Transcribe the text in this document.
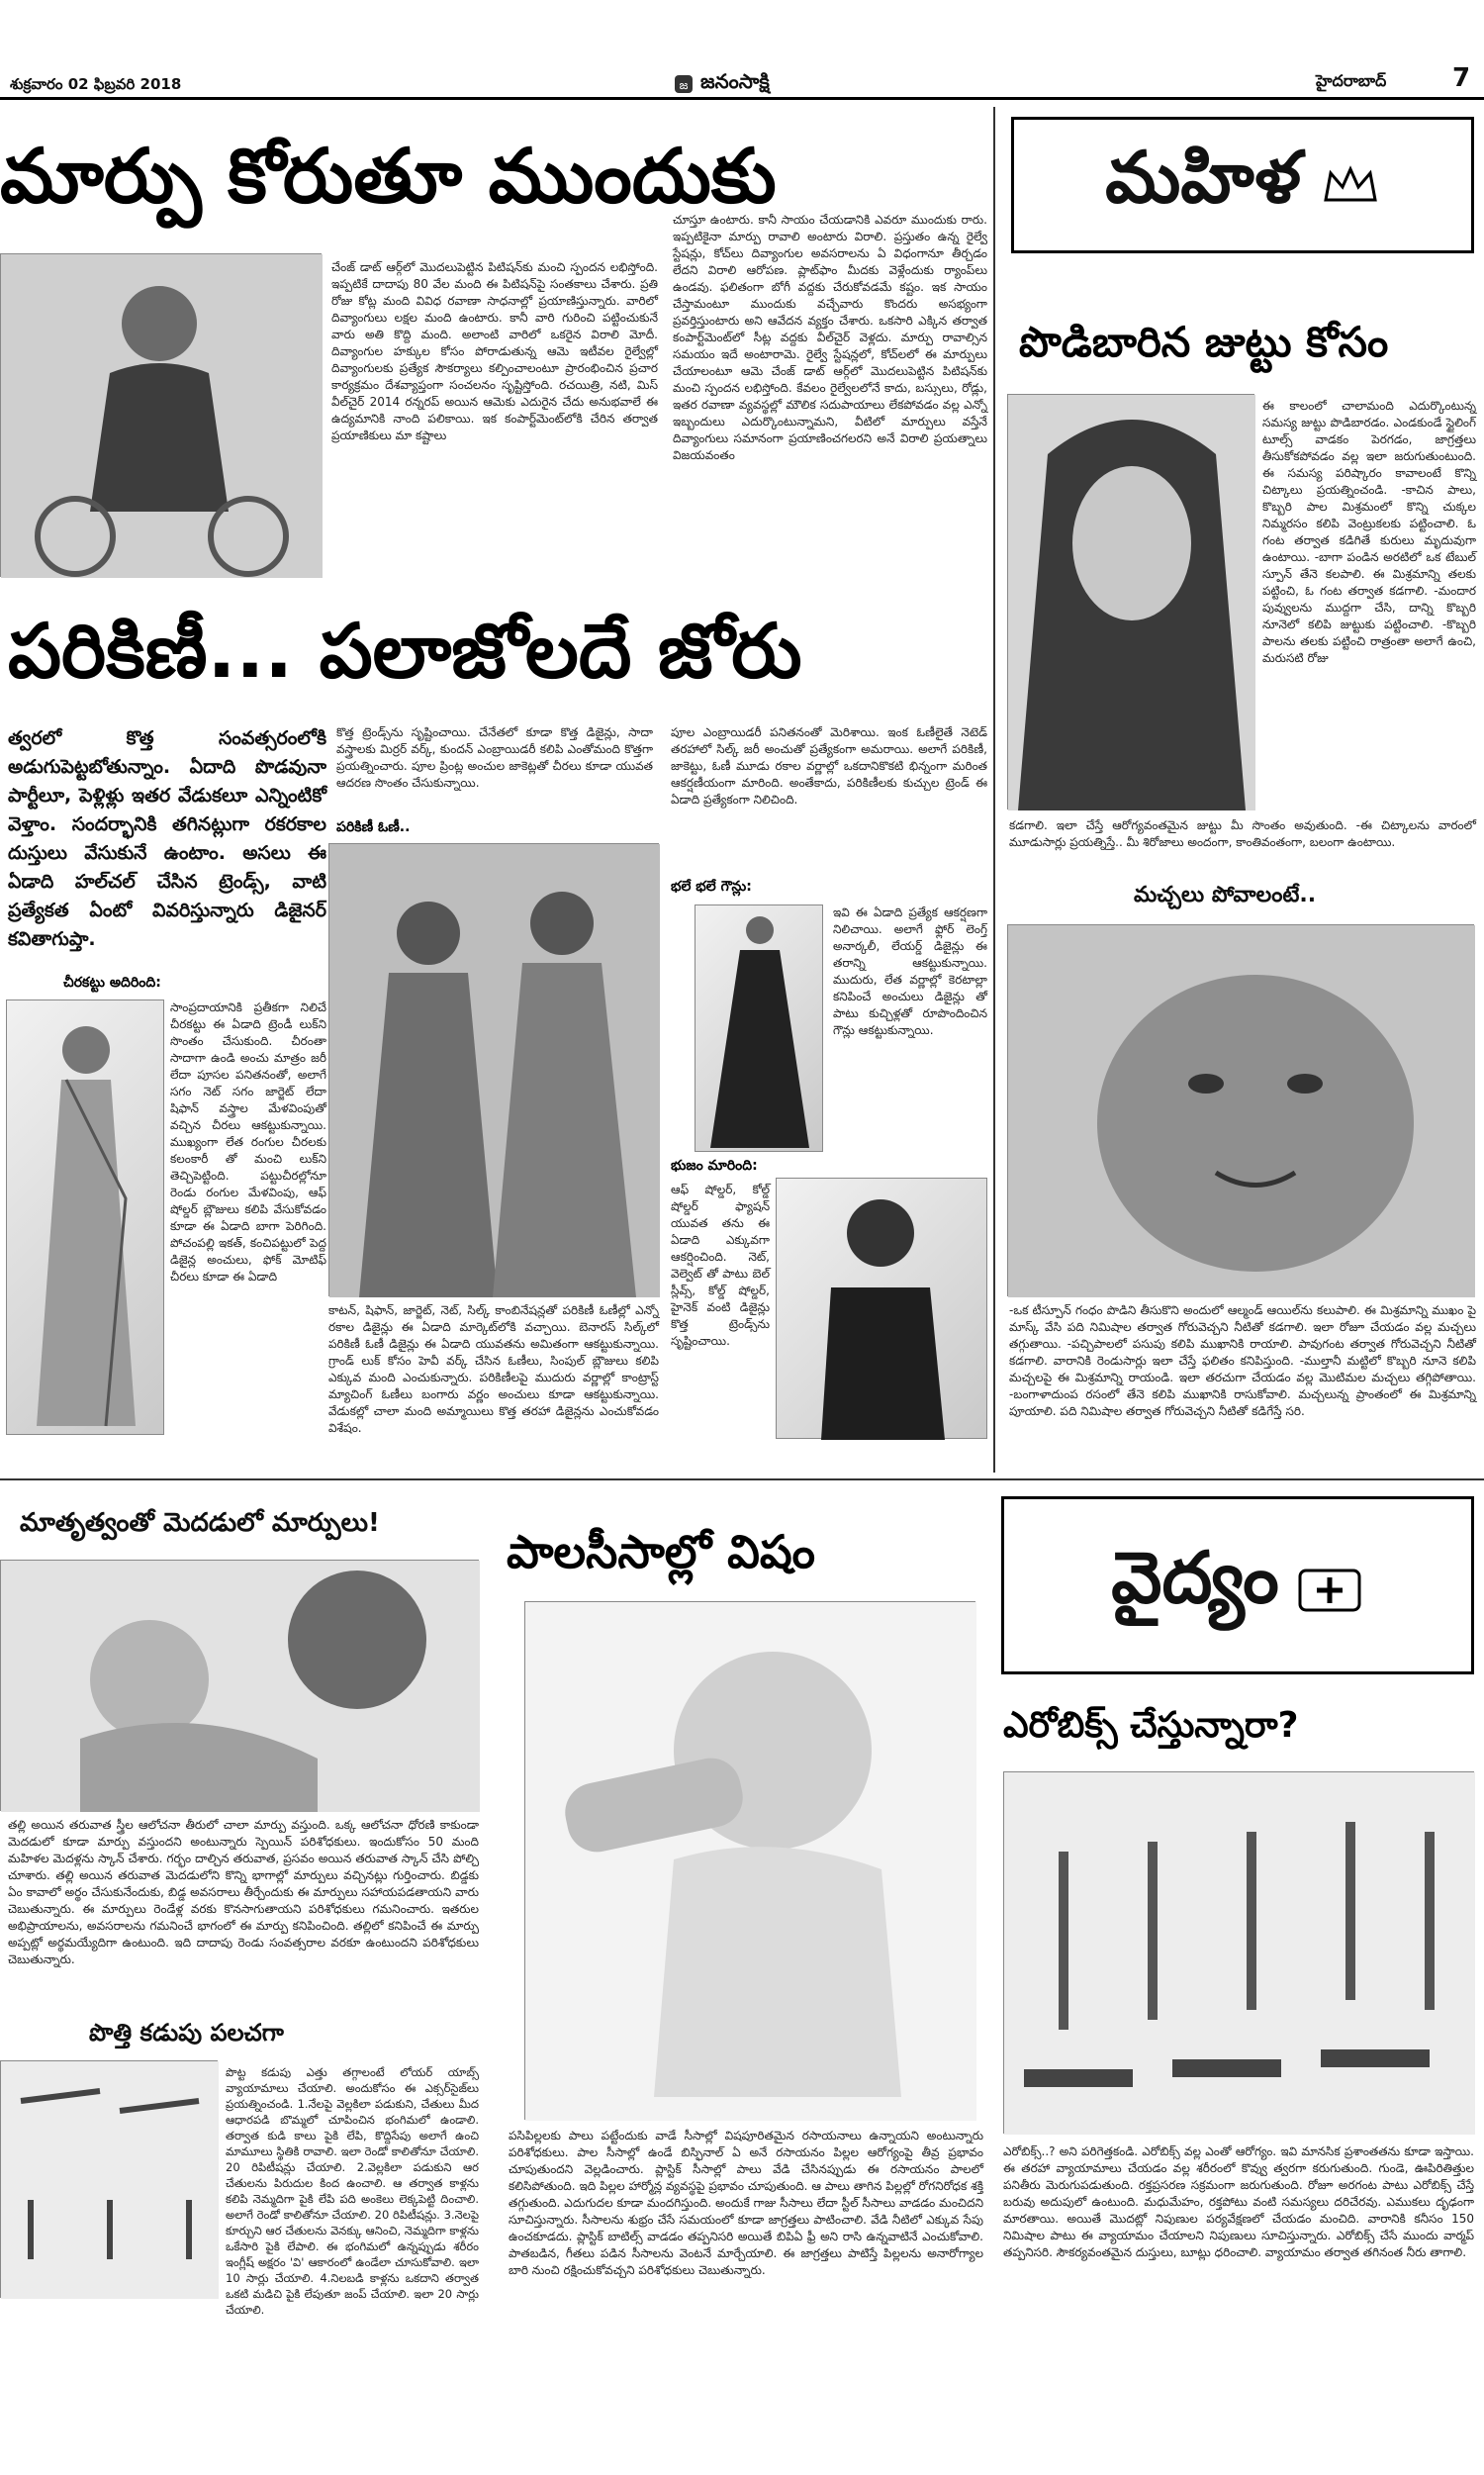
శుక్రవారం 02 ఫిబ్రవరి 2018	జ జనంసాక్షి	హైదరాబాద్	7
మార్పు కోరుతూ ముందుకు
చేంజ్ డాట్ ఆర్గ్‌లో మొదలుపెట్టిన పిటిషన్‌కు మంచి స్పందన లభిస్తోంది. ఇప్పటికే దాదాపు 80 వేల మంది ఈ పిటిషన్‌పై సంతకాలు చేశారు. ప్రతి రోజు కోట్ల మంది వివిధ రవాణా సాధనాల్లో ప్రయాణిస్తున్నారు. వారిలో దివ్యాంగులు లక్షల మంది ఉంటారు. కానీ వారి గురించి పట్టించుకునే వారు అతి కొద్ది మంది. అలాంటి వారిలో ఒకరైన విరాలి మోదీ. దివ్యాంగుల హక్కుల కోసం పోరాడుతున్న ఆమె ఇటీవల రైల్వేల్లో దివ్యాంగులకు ప్రత్యేక సౌకర్యాలు కల్పించాలంటూ ప్రారంభించిన ప్రచార కార్యక్రమం దేశవ్యాప్తంగా సంచలనం సృష్టిస్తోంది. రచయిత్రి, నటి, మిస్ వీల్‌చైర్ 2014 రన్నరప్ అయిన ఆమెకు ఎదురైన చేదు అనుభవాలే ఈ ఉద్యమానికి నాంది పలికాయి. ఇక కంపార్ట్‌మెంట్‌లోకి చేరిన తర్వాత ప్రయాణికులు మా కష్టాలు
చూస్తూ ఉంటారు. కానీ సాయం చేయడానికి ఎవరూ ముందుకు రారు. ఇప్పటికైనా మార్పు రావాలి అంటారు విరాలి. ప్రస్తుతం ఉన్న రైల్వే స్టేషన్లు, కోచ్‌లు దివ్యాంగుల అవసరాలను ఏ విధంగానూ తీర్చడం లేదని విరాలి ఆరోపణ. ప్లాట్‌ఫాం మీదకు వెళ్లేందుకు ర్యాంప్‌లు ఉండవు. ఫలితంగా బోగీ వద్దకు చేరుకోవడమే కష్టం. ఇక సాయం చేస్తామంటూ ముందుకు వచ్చేవారు కొందరు అసభ్యంగా ప్రవర్తిస్తుంటారు అని ఆవేదన వ్యక్తం చేశారు. ఒకసారి ఎక్కిన తర్వాత కంపార్ట్‌మెంట్‌లో సీట్ల వద్దకు వీల్‌చైర్ వెళ్లదు. మార్పు రావాల్సిన సమయం ఇదే అంటారామె. రైల్వే స్టేషన్లలో, కోచ్‌లలో ఈ మార్పులు చేయాలంటూ ఆమె చేంజ్ డాట్ ఆర్గ్‌లో మొదలుపెట్టిన పిటిషన్‌కు మంచి స్పందన లభిస్తోంది. కేవలం రైల్వేలలోనే కాదు, బస్సులు, రోడ్లు, ఇతర రవాణా వ్యవస్థల్లో మౌలిక సదుపాయాలు లేకపోవడం వల్ల ఎన్నో ఇబ్బందులు ఎదుర్కొంటున్నామని, వీటిలో మార్పులు వస్తేనే దివ్యాంగులు సమానంగా ప్రయాణించగలరని అనే విరాలి ప్రయత్నాలు విజయవంతం
పరికిణీ... పలాజోలదే జోరు
త్వరలో కొత్త సంవత్సరంలోకి అడుగుపెట్టబోతున్నాం. ఏదాది పొడవునా పార్టీలూ, పెళ్లిళ్లు ఇతర వేడుకలూ ఎన్నింటికో వెళ్తాం. సందర్భానికి తగినట్లుగా రకరకాల దుస్తులు వేసుకునే ఉంటాం. అసలు ఈ ఏడాది హల్‌చల్ చేసిన ట్రెండ్స్‌, వాటి ప్రత్యేకత ఏంటో వివరిస్తున్నారు డిజైనర్ కవితాగుప్తా.
చీరకట్టు అదిరింది:
సాంప్రదాయానికి ప్రతీకగా నిలిచే చీరకట్టు ఈ ఏడాది ట్రెండీ లుక్‌ని సొంతం చేసుకుంది. చీరంతా సాదాగా ఉండి అంచు మాత్రం జరీ లేదా పూసల పనితనంతో, అలాగే సగం నెట్ సగం జార్జెట్ లేదా షిఫాన్ వస్త్రాల మేళవింపుతో వచ్చిన చీరలు ఆకట్టుకున్నాయి. ముఖ్యంగా లేత రంగుల చీరలకు కలంకారీ తో మంచి లుక్‌ని తెచ్చిపెట్టింది. పట్టుచీరల్లోనూ రెండు రంగుల మేళవింపు, ఆఫ్ షోల్డర్ బ్లౌజులు కలిపి వేసుకోవడం కూడా ఈ ఏడాది బాగా పెరిగింది. పోచంపల్లి ఇకత్, కంచిపట్టులో పెద్ద డిజైన్ల అంచులు, ఫోక్ మోటిఫ్ చీరలు కూడా ఈ ఏడాది
కొత్త ట్రెండ్స్‌ను సృష్టించాయి. చేనేతలో కూడా కొత్త డిజైన్లు, సాదా వస్త్రాలకు మిర్రర్ వర్క్, కుందన్ ఎంబ్రాయిడరీ కలిపి ఎంతోమంది కొత్తగా ప్రయత్నించారు. పూల ప్రింట్ల అంచుల జాకెట్లతో చీరలు కూడా యువత ఆదరణ సొంతం చేసుకున్నాయి.
పరికిణీ ఓణీ..
కాటన్, షిఫాన్, జార్జెట్, నెట్, సిల్క్ కాంబినేషన్లతో పరికిణీ ఓణీల్లో ఎన్నో రకాల డిజైన్లు ఈ ఏడాది మార్కెట్‌లోకి వచ్చాయి. బెనారస్ సిల్క్‌లో పరికిణీ ఓణీ డిజైన్లు ఈ ఏడాది యువతను అమితంగా ఆకట్టుకున్నాయి. గ్రాండ్ లుక్ కోసం హెవీ వర్క్ చేసిన ఓణీలు, సింపుల్ బ్లౌజులు కలిపి ఎక్కువ మంది ఎంచుకున్నారు. పరికిణీలపై ముదురు వర్ణాల్లో కాంట్రాస్ట్ మ్యాచింగ్ ఓణీలు బంగారు వర్ణం అంచులు కూడా ఆకట్టుకున్నాయి. వేడుకల్లో చాలా మంది అమ్మాయిలు కొత్త తరహా డిజైన్లను ఎంచుకోవడం విశేషం.
పూల ఎంబ్రాయిడరీ పనితనంతో మెరిశాయి. ఇంక ఓణీలైతే నెటెడ్ తరహాలో సిల్క్ జరీ అంచుతో ప్రత్యేకంగా అమరాయి. అలాగే పరికిణీ, జాకెట్టు, ఓణీ మూడు రకాల వర్ణాల్లో ఒకదానికొకటి భిన్నంగా మరింత ఆకర్షణీయంగా మారింది. అంతేకాదు, పరికిణీలకు కుచ్చుల ట్రెండ్ ఈ ఏడాది ప్రత్యేకంగా నిలిచింది.
భలే భలే గౌన్లు:
ఇవి ఈ ఏడాది ప్రత్యేక ఆకర్షణగా నిలిచాయి. అలాగే ఫ్లోర్ లెంగ్త్ అనార్కలీ, లేయర్డ్ డిజైన్లు ఈ తరాన్ని ఆకట్టుకున్నాయి. ముదురు, లేత వర్ణాల్లో కెరటాల్లా కనిపించే అంచులు డిజైన్లు తో పాటు కుచ్చిళ్లతో రూపొందించిన గౌన్లు ఆకట్టుకున్నాయి.
భుజం మారింది:
ఆఫ్ షోల్డర్, కోల్డ్ షోల్డర్ ఫ్యాషన్ యువత తను ఈ ఏడాది ఎక్కువగా ఆకర్షించింది. నెట్, వెల్వెట్ తో పాటు బెల్ స్లీవ్స్, కోల్డ్ షోల్డర్, హైనెక్ వంటి డిజైన్లు కొత్త ట్రెండ్స్‌ను సృష్టించాయి.
మహిళ
పొడిబారిన జుట్టు కోసం
ఈ కాలంలో చాలామంది ఎదుర్కొంటున్న సమస్య జుట్టు పొడిబారడం. ఎండకుండే స్టైలింగ్ టూల్స్ వాడకం పెరగడం, జాగ్రత్తలు తీసుకోకపోవడం వల్ల ఇలా జరుగుతుంటుంది. ఈ సమస్య పరిష్కారం కావాలంటే కొన్ని చిట్కాలు ప్రయత్నించండి. -కాచిన పాలు, కొబ్బరి పాల మిశ్రమంలో కొన్ని చుక్కల నిమ్మరసం కలిపి వెంట్రుకలకు పట్టించాలి. ఓ గంట తర్వాత కడిగితే కురులు మృదువుగా ఉంటాయి. -బాగా పండిన అరటిలో ఒక టేబుల్ స్పూన్ తేనె కలపాలి. ఈ మిశ్రమాన్ని తలకు పట్టించి, ఓ గంట తర్వాత కడగాలి. -మందార పువ్వులను ముద్దగా చేసి, దాన్ని కొబ్బరి నూనెలో కలిపి జుట్టుకు పట్టించాలి. -కొబ్బరి పాలను తలకు పట్టించి రాత్రంతా అలాగే ఉంచి, మరుసటి రోజు
కడగాలి. ఇలా చేస్తే ఆరోగ్యవంతమైన జుట్టు మీ సొంతం అవుతుంది. -ఈ చిట్కాలను వారంలో మూడుసార్లు ప్రయత్నిస్తే.. మీ శిరోజాలు అందంగా, కాంతివంతంగా, బలంగా ఉంటాయి.
మచ్చలు పోవాలంటే..
-ఒక టీస్పూన్ గంధం పొడిని తీసుకొని అందులో ఆల్మండ్ ఆయిల్‌ను కలుపాలి. ఈ మిశ్రమాన్ని ముఖం పై మాస్క్ వేసి పది నిమిషాల తర్వాత గోరువెచ్చని నీటితో కడగాలి. ఇలా రోజూ చేయడం వల్ల మచ్చలు తగ్గుతాయి. -పచ్చిపాలలో పసుపు కలిపి ముఖానికి రాయాలి. పావుగంట తర్వాత గోరువెచ్చని నీటితో కడగాలి. వారానికి రెండుసార్లు ఇలా చేస్తే ఫలితం కనిపిస్తుంది. -ముల్తానీ మట్టిలో కొబ్బరి నూనె కలిపి మచ్చలపై ఈ మిశ్రమాన్ని రాయండి. ఇలా తరచుగా చేయడం వల్ల మొటిమల మచ్చలు తగ్గిపోతాయి. -బంగాళాదుంప రసంలో తేనె కలిపి ముఖానికి రాసుకోవాలి. మచ్చలున్న ప్రాంతంలో ఈ మిశ్రమాన్ని పూయాలి. పది నిమిషాల తర్వాత గోరువెచ్చని నీటితో కడిగేస్తే సరి.
మాతృత్వంతో మెదడులో మార్పులు!
తల్లి అయిన తరువాత స్త్రీల ఆలోచనా తీరులో చాలా మార్పు వస్తుంది. ఒక్క ఆలోచనా ధోరణి కాకుండా మెదడులో కూడా మార్పు వస్తుందని అంటున్నారు స్పెయిన్ పరిశోధకులు. ఇందుకోసం 50 మంది మహిళల మెదళ్లను స్కాన్ చేశారు. గర్భం దాల్చిన తరువాత, ప్రసవం అయిన తరువాత స్కాన్ చేసి పోల్చి చూశారు. తల్లి అయిన తరువాత మెదడులోని కొన్ని భాగాల్లో మార్పులు వచ్చినట్లు గుర్తించారు. బిడ్డకు ఏం కావాలో అర్థం చేసుకునేందుకు, బిడ్డ అవసరాలు తీర్చేందుకు ఈ మార్పులు సహాయపడతాయని వారు చెబుతున్నారు. ఈ మార్పులు రెండేళ్ల వరకు కొనసాగుతాయని పరిశోధకులు గమనించారు. ఇతరుల అభిప్రాయాలను, అవసరాలను గమనించే భాగంలో ఈ మార్పు కనిపించింది. తల్లిలో కనిపించే ఈ మార్పు అప్పట్లో అర్థమయ్యేదిగా ఉంటుంది. ఇది దాదాపు రెండు సంవత్సరాల వరకూ ఉంటుందని పరిశోధకులు చెబుతున్నారు.
పొత్తి కడుపు పలచగా
పొట్ట కడుపు ఎత్తు తగ్గాలంటే లోయర్ యాబ్స్ వ్యాయామాలు చేయాలి. అందుకోసం ఈ ఎక్సర్‌సైజ్‌లు ప్రయత్నించండి. 1.నేలపై వెల్లకిలా పడుకుని, చేతులు మీద ఆధారపడి బొమ్మలో చూపించిన భంగిమలో ఉండాలి. తర్వాత కుడి కాలు పైకి లేపి, కొద్దిసేపు అలాగే ఉంచి మామూలు స్థితికి రావాలి. ఇలా రెండో కాలితోనూ చేయాలి. 20 రిపిటీషన్లు చేయాలి. 2.వెల్లకిలా పడుకుని ఆర చేతులను పిరుదుల కింద ఉంచాలి. ఆ తర్వాత కాళ్లను కలిపి నెమ్మదిగా పైకి లేపి పది అంకెలు లెక్కపెట్టి దించాలి. అలాగే రెండో కాలితోనూ చేయాలి. 20 రిపిటీషన్లు. 3.నెలపై కూర్చుని ఆర చేతులను వెనక్కు ఆనించి, నెమ్మదిగా కాళ్లను ఒకేసారి పైకి లేపాలి. ఈ భంగిమలో ఉన్నప్పుడు శరీరం ఇంగ్లీష్ అక్షరం 'వి' ఆకారంలో ఉండేలా చూసుకోవాలి. ఇలా 10 సార్లు చేయాలి. 4.నిలబడి కాళ్లను ఒకదాని తర్వాత ఒకటి మడిచి పైకి లేపుతూ జంప్ చేయాలి. ఇలా 20 సార్లు చేయాలి.
పాలసీసాల్లో విషం
పసిపిల్లలకు పాలు పట్టేందుకు వాడే సీసాల్లో విషపూరితమైన రసాయనాలు ఉన్నాయని అంటున్నారు పరిశోధకులు. పాల సీసాల్లో ఉండే బిస్ఫినాల్ ఏ అనే రసాయనం పిల్లల ఆరోగ్యంపై తీవ్ర ప్రభావం చూపుతుందని వెల్లడించారు. ప్లాస్టిక్ సీసాల్లో పాలు వేడి చేసినప్పుడు ఈ రసాయనం పాలలో కలిసిపోతుంది. ఇది పిల్లల హార్మోన్ల వ్యవస్థపై ప్రభావం చూపుతుంది. ఆ పాలు తాగిన పిల్లల్లో రోగనిరోధక శక్తి తగ్గుతుంది. ఎదుగుదల కూడా మందగిస్తుంది. అందుకే గాజు సీసాలు లేదా స్టీల్ సీసాలు వాడడం మంచిదని సూచిస్తున్నారు. సీసాలను శుభ్రం చేసే సమయంలో కూడా జాగ్రత్తలు పాటించాలి. వేడి నీటిలో ఎక్కువ సేపు ఉంచకూడదు. ప్లాస్టిక్ బాటిల్స్ వాడడం తప్పనిసరి అయితే బిపిఏ ఫ్రీ అని రాసి ఉన్నవాటినే ఎంచుకోవాలి. పాతబడిన, గీతలు పడిన సీసాలను వెంటనే మార్చేయాలి. ఈ జాగ్రత్తలు పాటిస్తే పిల్లలను అనారోగ్యాల బారి నుంచి రక్షించుకోవచ్చని పరిశోధకులు చెబుతున్నారు.
వైద్యం
ఎరోబిక్స్ చేస్తున్నారా?
ఎరోబిక్స్..? అని పరిగెత్తకండి. ఎరోబిక్స్ వల్ల ఎంతో ఆరోగ్యం. ఇవి మానసిక ప్రశాంతతను కూడా ఇస్తాయి. ఈ తరహా వ్యాయామాలు చేయడం వల్ల శరీరంలో కొవ్వు త్వరగా కరుగుతుంది. గుండె, ఊపిరితిత్తుల పనితీరు మెరుగుపడుతుంది. రక్తప్రసరణ సక్రమంగా జరుగుతుంది. రోజూ అరగంట పాటు ఎరోబిక్స్ చేస్తే బరువు అదుపులో ఉంటుంది. మధుమేహం, రక్తపోటు వంటి సమస్యలు దరిచేరవు. ఎముకలు దృఢంగా మారతాయి. అయితే మొదట్లో నిపుణుల పర్యవేక్షణలో చేయడం మంచిది. వారానికి కనీసం 150 నిమిషాల పాటు ఈ వ్యాయామం చేయాలని నిపుణులు సూచిస్తున్నారు. ఎరోబిక్స్ చేసే ముందు వార్మప్ తప్పనిసరి. సౌకర్యవంతమైన దుస్తులు, బూట్లు ధరించాలి. వ్యాయామం తర్వాత తగినంత నీరు తాగాలి.
